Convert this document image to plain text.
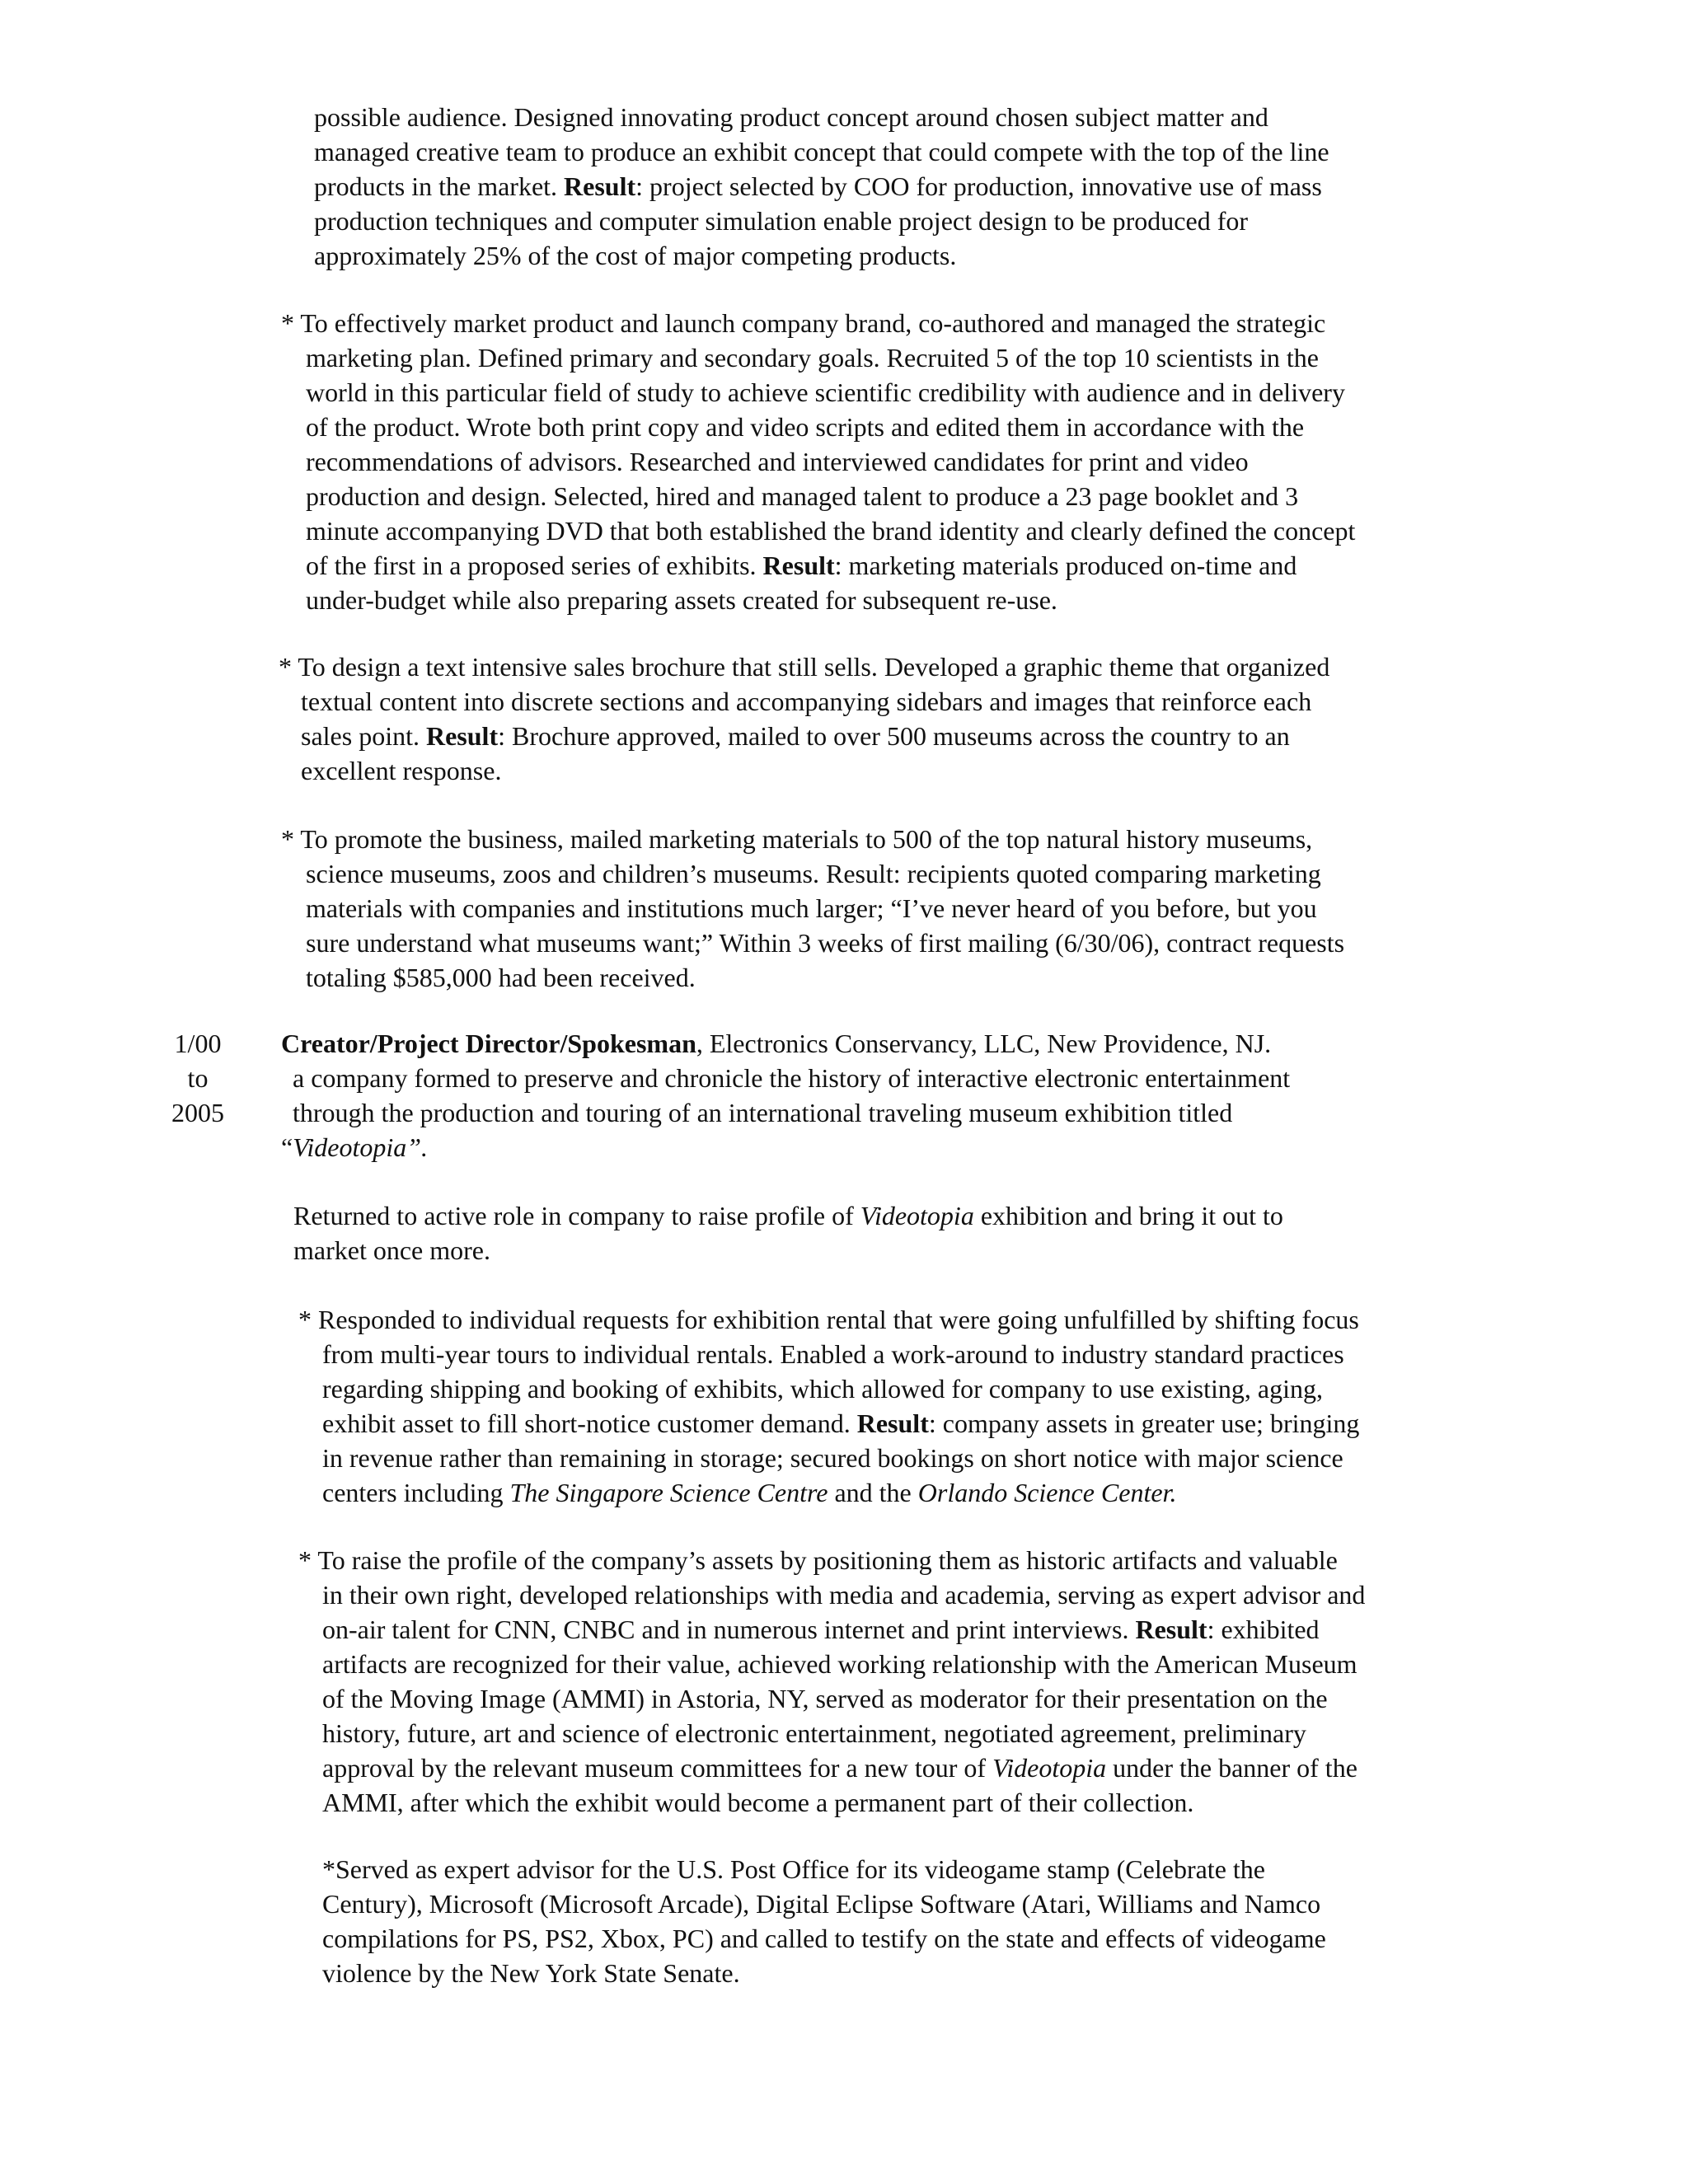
possible audience. Designed innovating product concept around chosen subject matter and
managed creative team to produce an exhibit concept that could compete with the top of the line
products in the market. Result: project selected by COO for production, innovative use of mass
production techniques and computer simulation enable project design to be produced for
approximately 25% of the cost of major competing products.
* To effectively market product and launch company brand, co-authored and managed the strategic
marketing plan. Defined primary and secondary goals. Recruited 5 of the top 10 scientists in the
world in this particular field of study to achieve scientific credibility with audience and in delivery
of the product. Wrote both print copy and video scripts and edited them in accordance with the
recommendations of advisors. Researched and interviewed candidates for print and video
production and design. Selected, hired and managed talent to produce a 23 page booklet and 3
minute accompanying DVD that both established the brand identity and clearly defined the concept
of the first in a proposed series of exhibits. Result: marketing materials produced on-time and
under-budget while also preparing assets created for subsequent re-use.
* To design a text intensive sales brochure that still sells. Developed a graphic theme that organized
textual content into discrete sections and accompanying sidebars and images that reinforce each
sales point. Result: Brochure approved, mailed to over 500 museums across the country to an
excellent response.
* To promote the business, mailed marketing materials to 500 of the top natural history museums,
science museums, zoos and children’s museums. Result: recipients quoted comparing marketing
materials with companies and institutions much larger; “I’ve never heard of you before, but you
sure understand what museums want;” Within 3 weeks of first mailing (6/30/06), contract requests
totaling $585,000 had been received.
1/00
to
2005
Creator/Project Director/Spokesman, Electronics Conservancy, LLC, New Providence, NJ.
a company formed to preserve and chronicle the history of interactive electronic entertainment
through the production and touring of an international traveling museum exhibition titled
“Videotopia”.
Returned to active role in company to raise profile of Videotopia exhibition and bring it out to
market once more.
* Responded to individual requests for exhibition rental that were going unfulfilled by shifting focus
from multi-year tours to individual rentals. Enabled a work-around to industry standard practices
regarding shipping and booking of exhibits, which allowed for company to use existing, aging,
exhibit asset to fill short-notice customer demand. Result: company assets in greater use; bringing
in revenue rather than remaining in storage; secured bookings on short notice with major science
centers including The Singapore Science Centre and the Orlando Science Center.
* To raise the profile of the company’s assets by positioning them as historic artifacts and valuable
in their own right, developed relationships with media and academia, serving as expert advisor and
on-air talent for CNN, CNBC and in numerous internet and print interviews. Result: exhibited
artifacts are recognized for their value, achieved working relationship with the American Museum
of the Moving Image (AMMI) in Astoria, NY, served as moderator for their presentation on the
history, future, art and science of electronic entertainment, negotiated agreement, preliminary
approval by the relevant museum committees for a new tour of Videotopia under the banner of the
AMMI, after which the exhibit would become a permanent part of their collection.
*Served as expert advisor for the U.S. Post Office for its videogame stamp (Celebrate the
Century), Microsoft (Microsoft Arcade), Digital Eclipse Software (Atari, Williams and Namco
compilations for PS, PS2, Xbox, PC) and called to testify on the state and effects of videogame
violence by the New York State Senate.
